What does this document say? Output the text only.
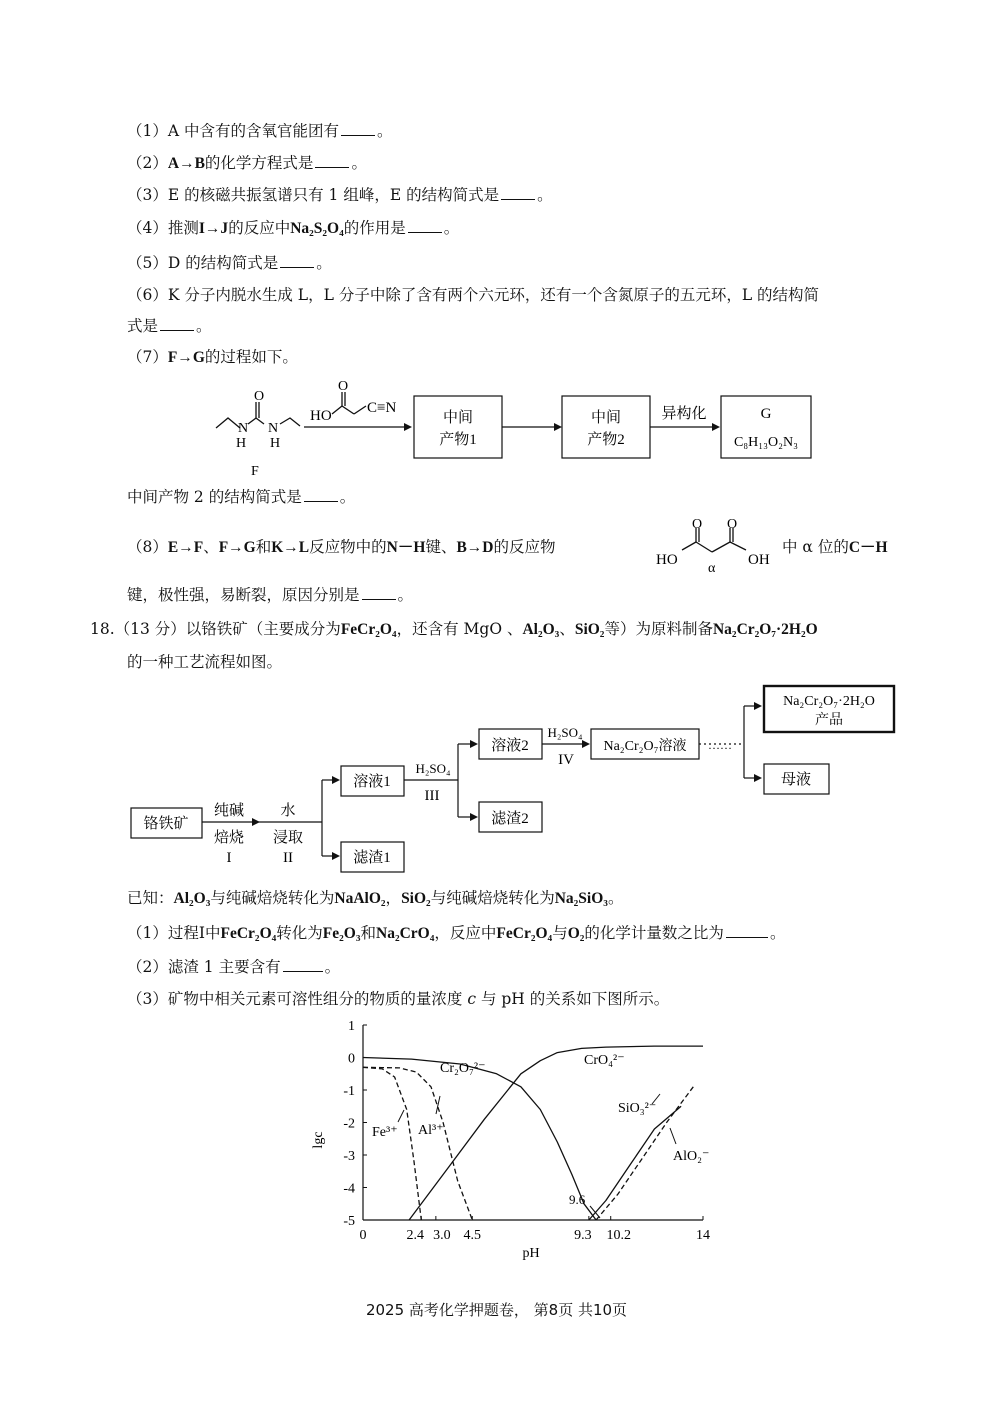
（1）A 中含有的含氧官能团有 。
（2）A→B的化学方程式是 。
（3）E 的核磁共振氢谱只有 1 组峰，E 的结构简式是 。
（4）推测I→J的反应中Na₂S₂O₄的作用是 。
（5）D 的结构简式是 。
（6）K 分子内脱水生成 L，L 分子中除了含有两个六元环，还有一个含氮原子的五元环，L 的结构简
式是 。
（7）F→G的过程如下。
O
N
H
N
H
F
HO
O
C≡N
中间
产物1
中间
产物2
异构化	G
C₈H₁₃O₂N₃
中间产物 2 的结构简式是 。
（8）E→F、F→G和K→L反应物中的N－H键、B→D的反应物
O O
HO	OH
α
中 α 位的C－H
键，极性强，易断裂，原因分别是 。
18.（13 分）以铬铁矿（主要成分为FeCr₂O₄，还含有 MgO 、Al₂O₃、SiO₂等）为原料制备Na₂Cr₂O₇·2H₂O
的一种工艺流程如图。
铬铁矿
溶液1
滤渣1
溶液2
滤渣2
Na₂Cr₂O₇溶液
Na₂Cr₂O₇·2H₂O
产品
母液
纯碱
焙烧
I
水
浸取
II
H₂SO₄
III
H₂SO₄
IV
……
已知：Al₂O₃与纯碱焙烧转化为NaAlO₂，SiO₂与纯碱焙烧转化为Na₂SiO₃。
（1）过程I中FeCr₂O₄转化为Fe₂O₃和Na₂CrO₄，反应中FeCr₂O₄与O₂的化学计量数之比为	。
（2）滤渣 1 主要含有	。
（3）矿物中相关元素可溶性组分的物质的量浓度 c 与 pH 的关系如下图所示。
1
0
-1
-2
-3
-4
-5
0	2.4 3.0 4.5	9.3 10.2	14
pH
lgc
Cr₂O₇²⁻
CrO₄²⁻
Fe³⁺ Al³⁺
SiO₃²⁻
AlO₂⁻
9.6
2025 高考化学押题卷， 第8页 共10页
